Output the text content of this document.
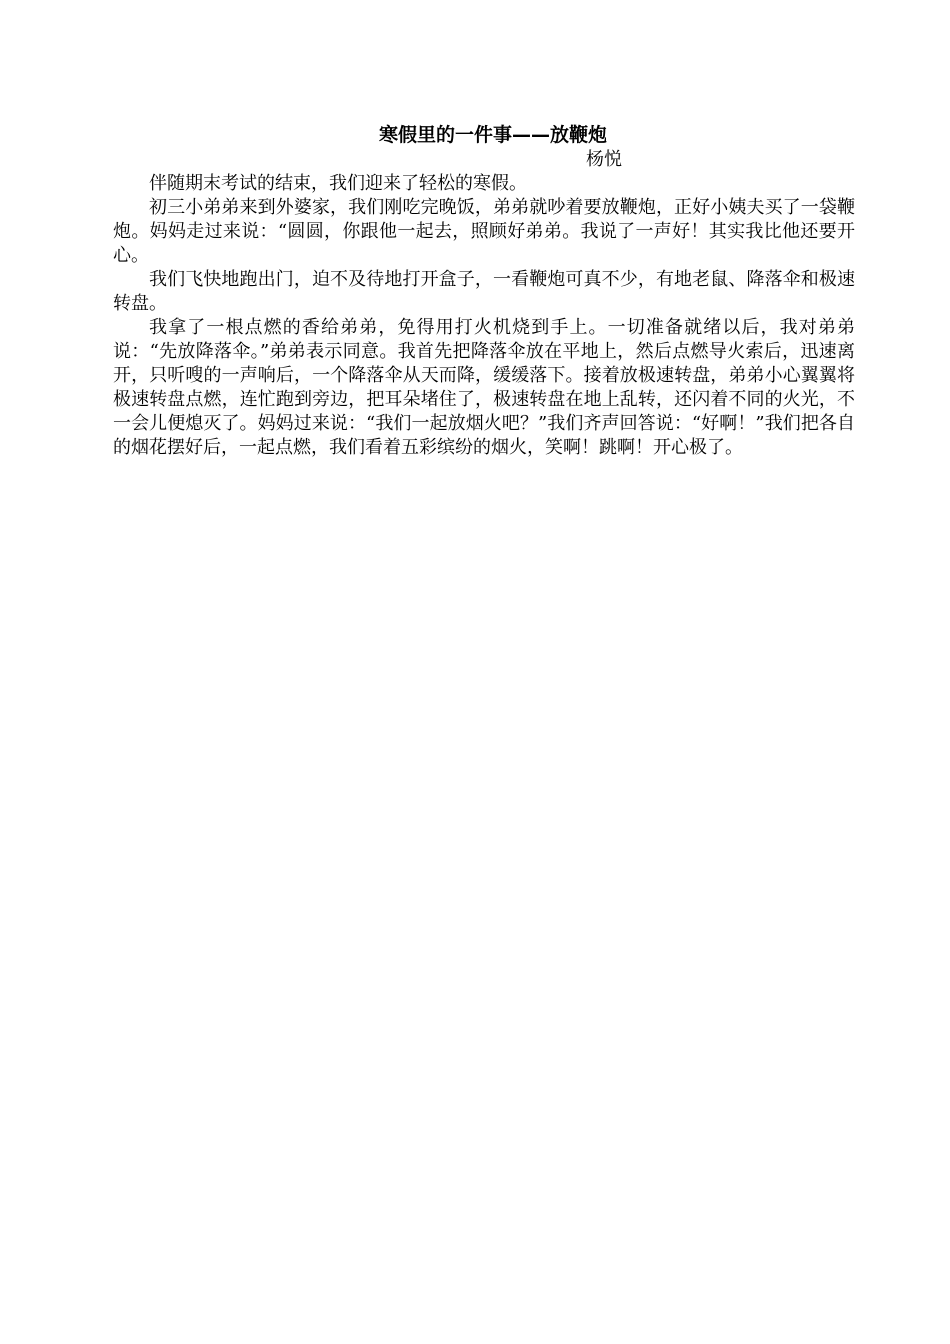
寒假里的一件事——放鞭炮

杨悦

伴随期末考试的结束，我们迎来了轻松的寒假。

初三小弟弟来到外婆家，我们刚吃完晚饭，弟弟就吵着要放鞭炮，正好小姨夫买了一袋鞭炮。妈妈走过来说：“圆圆，你跟他一起去，照顾好弟弟。我说了一声好！其实我比他还要开心。

我们飞快地跑出门，迫不及待地打开盒子，一看鞭炮可真不少，有地老鼠、降落伞和极速转盘。

我拿了一根点燃的香给弟弟，免得用打火机烧到手上。一切准备就绪以后，我对弟弟说：“先放降落伞。”弟弟表示同意。我首先把降落伞放在平地上，然后点燃导火索后，迅速离开，只听嗖的一声响后，一个降落伞从天而降，缓缓落下。接着放极速转盘，弟弟小心翼翼将极速转盘点燃，连忙跑到旁边，把耳朵堵住了，极速转盘在地上乱转，还闪着不同的火光，不一会儿便熄灭了。妈妈过来说：“我们一起放烟火吧？”我们齐声回答说：“好啊！”我们把各自的烟花摆好后，一起点燃，我们看着五彩缤纷的烟火，笑啊！跳啊！开心极了。
